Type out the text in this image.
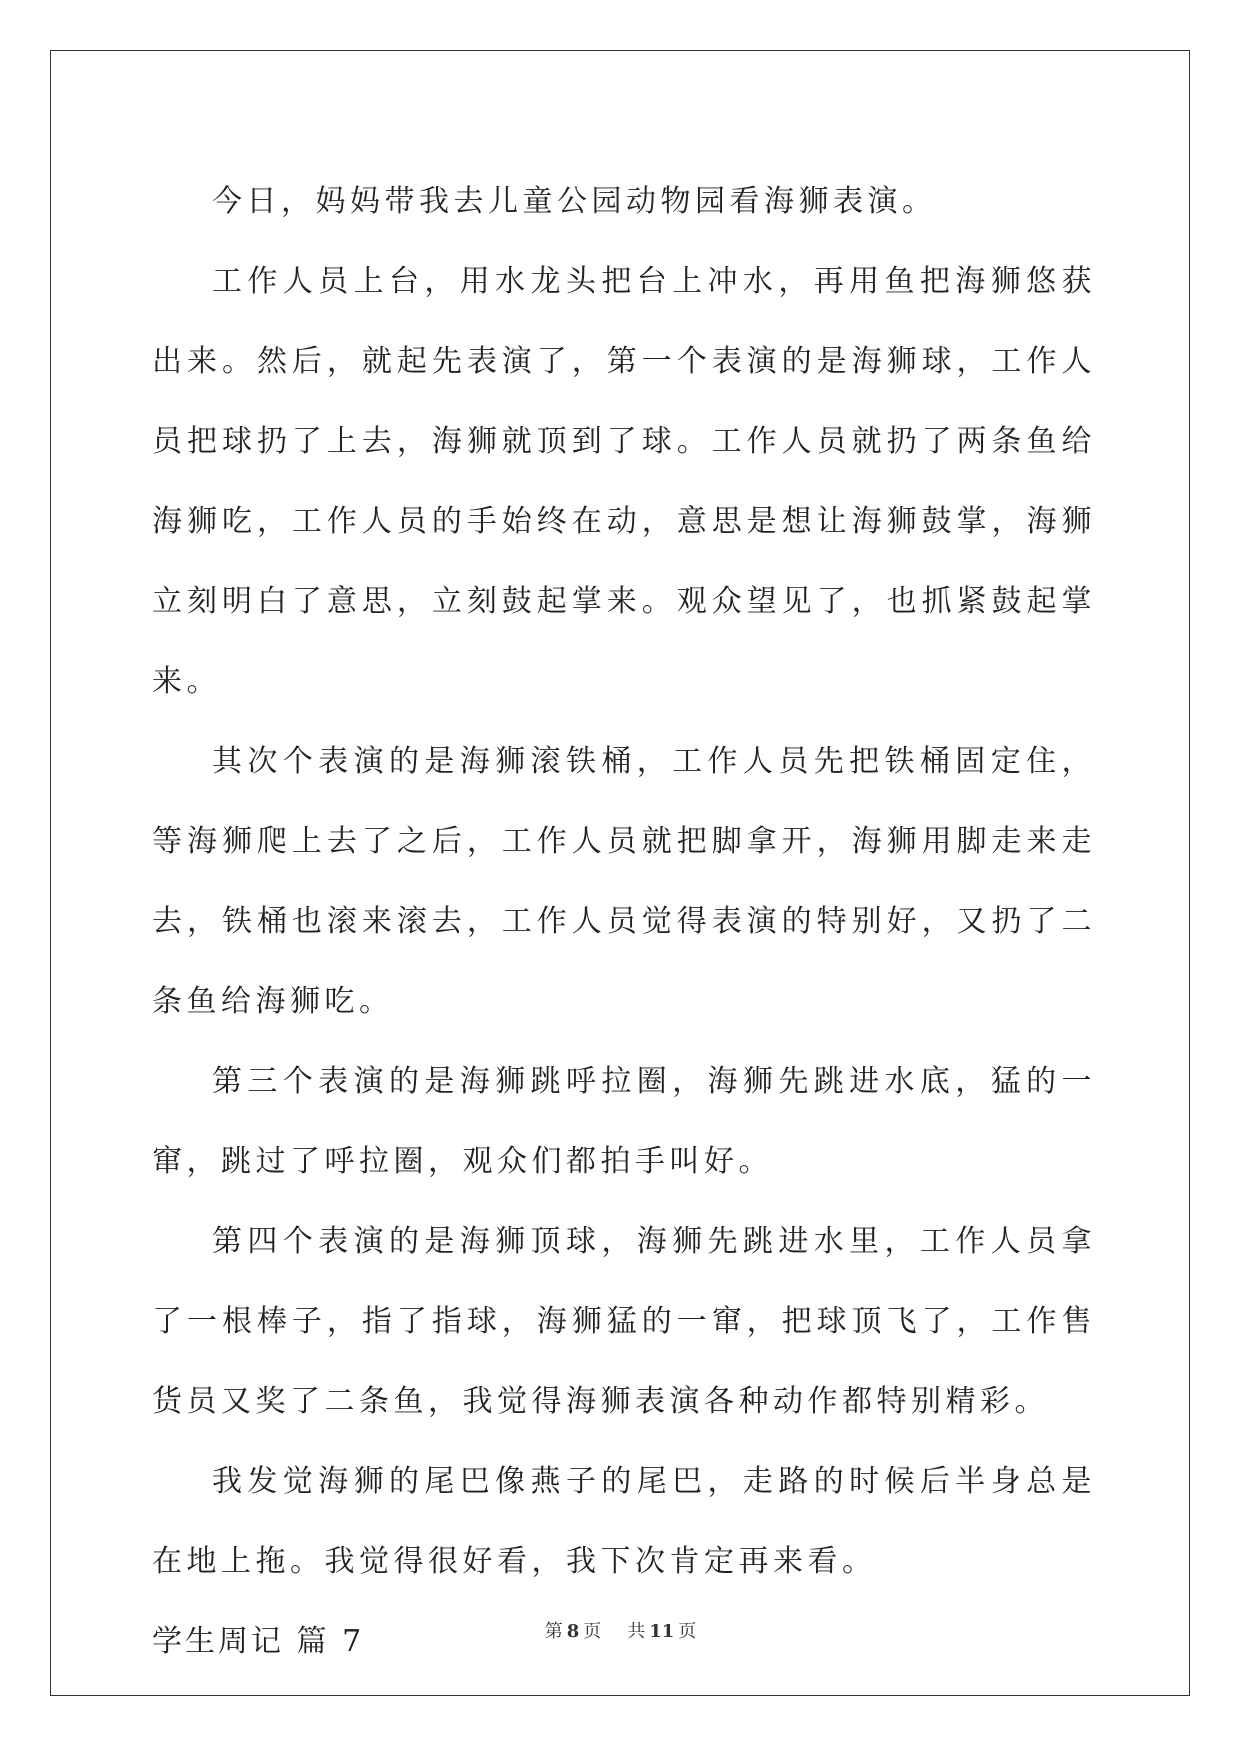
今日，妈妈带我去儿童公园动物园看海狮表演。

工作人员上台，用水龙头把台上冲水，再用鱼把海狮悠获出来。然后，就起先表演了，第一个表演的是海狮球，工作人员把球扔了上去，海狮就顶到了球。工作人员就扔了两条鱼给海狮吃，工作人员的手始终在动，意思是想让海狮鼓掌，海狮立刻明白了意思，立刻鼓起掌来。观众望见了，也抓紧鼓起掌来。

其次个表演的是海狮滚铁桶，工作人员先把铁桶固定住，等海狮爬上去了之后，工作人员就把脚拿开，海狮用脚走来走去，铁桶也滚来滚去，工作人员觉得表演的特别好，又扔了二条鱼给海狮吃。

第三个表演的是海狮跳呼拉圈，海狮先跳进水底，猛的一窜，跳过了呼拉圈，观众们都拍手叫好。

第四个表演的是海狮顶球，海狮先跳进水里，工作人员拿了一根棒子，指了指球，海狮猛的一窜，把球顶飞了，工作售货员又奖了二条鱼，我觉得海狮表演各种动作都特别精彩。

我发觉海狮的尾巴像燕子的尾巴，走路的时候后半身总是在地上拖。我觉得很好看，我下次肯定再来看。

学生周记 篇 7	第 8 页 共 11 页
